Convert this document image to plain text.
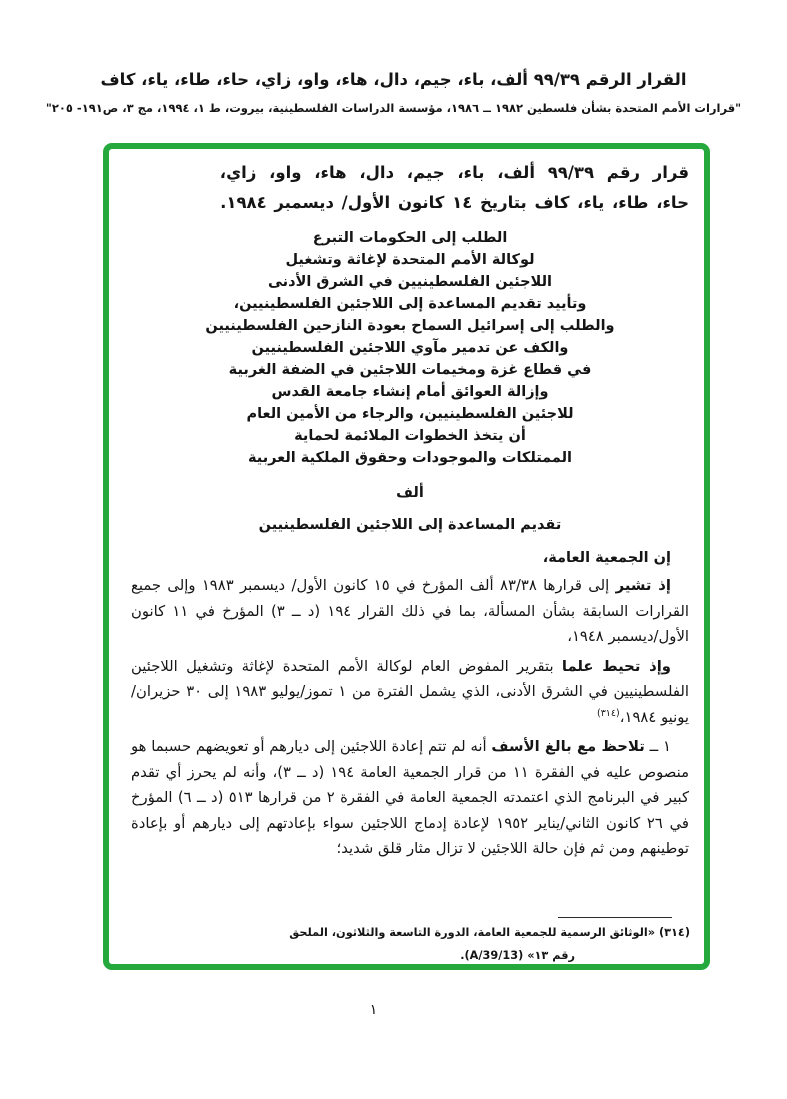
القرار الرقم ٩٩/٣٩ ألف، باء، جيم، دال، هاء، واو، زاي، حاء، طاء، ياء، كاف
"قرارات الأمم المتحدة بشأن فلسطين ١٩٨٢ ــ ١٩٨٦، مؤسسة الدراسات الفلسطينية، بيروت، ط ١، ١٩٩٤، مج ٣، ص١٩١- ٢٠٥"
قرار رقم ٩٩/٣٩ ألف، باء، جيم، دال، هاء، واو، زاي،
حاء، طاء، ياء، كاف بتاريخ ١٤ كانون الأول/ ديسمبر ١٩٨٤.
الطلب إلى الحكومات التبرع
لوكالة الأمم المتحدة لإغاثة وتشغيل
اللاجئين الفلسطينيين في الشرق الأدنى
وتأييد تقديم المساعدة إلى اللاجئين الفلسطينيين،
والطلب إلى إسرائيل السماح بعودة النازحين الفلسطينيين
والكف عن تدمير مآوي اللاجئين الفلسطينيين
في قطاع غزة ومخيمات اللاجئين في الضفة الغربية
وإزالة العوائق أمام إنشاء جامعة القدس
للاجئين الفلسطينيين، والرجاء من الأمين العام
أن يتخذ الخطوات الملائمة لحماية
الممتلكات والموجودات وحقوق الملكية العربية
ألف
تقديم المساعدة إلى اللاجئين الفلسطينيين
إن الجمعية العامة،

إذ تشير إلى قرارها ٨٣/٣٨ ألف المؤرخ في ١٥ كانون الأول/ ديسمبر ١٩٨٣ وإلى جميع القرارات السابقة بشأن المسألة، بما في ذلك القرار ١٩٤ (د ــ ٣) المؤرخ في ١١ كانون الأول/ديسمبر ١٩٤٨،

وإذ تحيط علما بتقرير المفوض العام لوكالة الأمم المتحدة لإغاثة وتشغيل اللاجئين الفلسطينيين في الشرق الأدنى، الذي يشمل الفترة من ١ تموز/يوليو ١٩٨٣ إلى ٣٠ حزيران/يونيو ١٩٨٤،$^{(٣١٤)}$

١ ــ تلاحظ مع بالغ الأسف أنه لم تتم إعادة اللاجئين إلى ديارهم أو تعويضهم حسبما هو منصوص عليه في الفقرة ١١ من قرار الجمعية العامة ١٩٤ (د ــ ٣)، وأنه لم يحرز أي تقدم كبير في البرنامج الذي اعتمدته الجمعية العامة في الفقرة ٢ من قرارها ٥١٣ (د ــ ٦) المؤرخ في ٢٦ كانون الثاني/يناير ١٩٥٢ لإعادة إدماج اللاجئين سواء بإعادتهم إلى ديارهم أو بإعادة توطينهم ومن ثم فإن حالة اللاجئين لا تزال مثار قلق شديد؛

(٣١٤) «الوثائق الرسمية للجمعية العامة، الدورة التاسعة والثلاثون، الملحق
رقم ١٣» (A/39/13).
١
